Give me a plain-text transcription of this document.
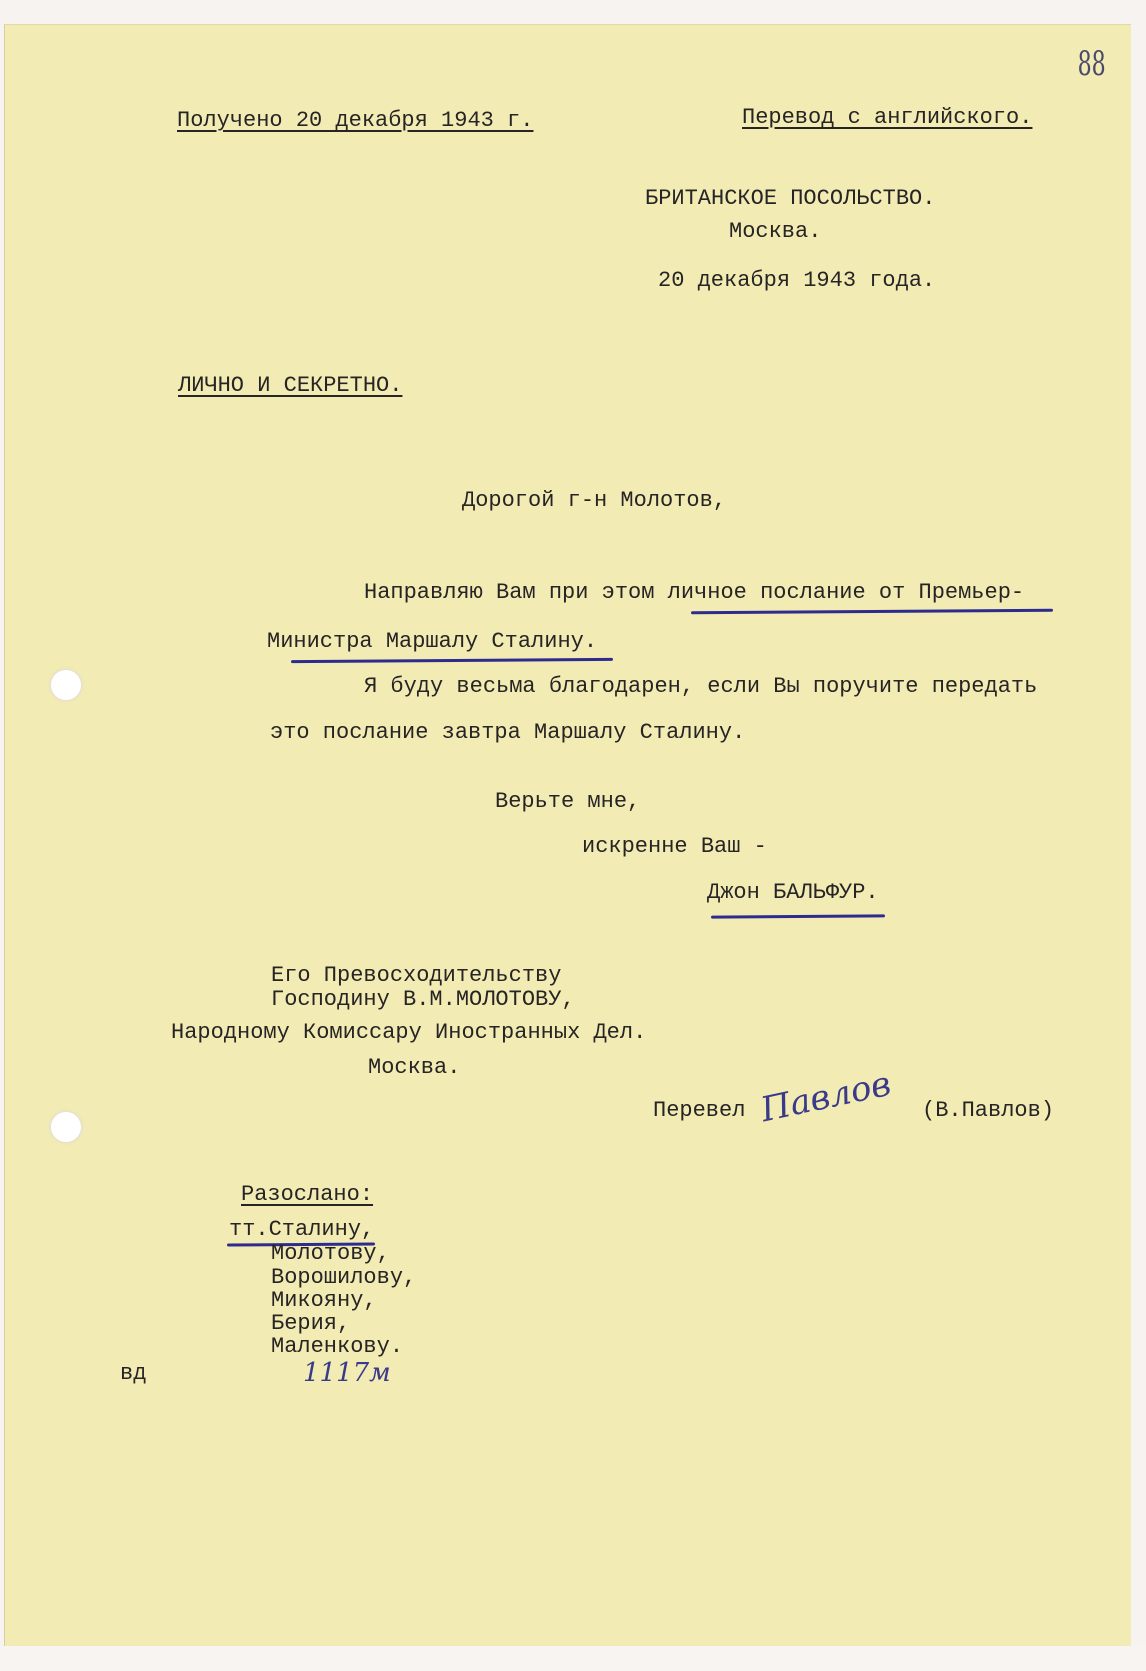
88
Получено 20 декабря 1943 г.	Перевод с английского.
БРИТАНСКОЕ ПОСОЛЬСТВО.
Москва.
20 декабря 1943 года.
ЛИЧНО И СЕКРЕТНО.
Дорогой г-н Молотов,
Направляю Вам при этом личное послание от Премьер-
Министра Маршалу Сталину.
Я буду весьма благодарен, если Вы поручите передать
это послание завтра Маршалу Сталину.
Верьте мне,
искренне Ваш -
Джон БАЛЬФУР.
Его Превосходительству
Господину В.М.МОЛОТОВУ,
Народному Комиссару Иностранных Дел.
Москва.
Перевел Павлов (В.Павлов)
Разослано:
тт.Сталину,
Молотову,
Ворошилову,
Микояну,
Берия,
Маленкову.
вд	1117м
